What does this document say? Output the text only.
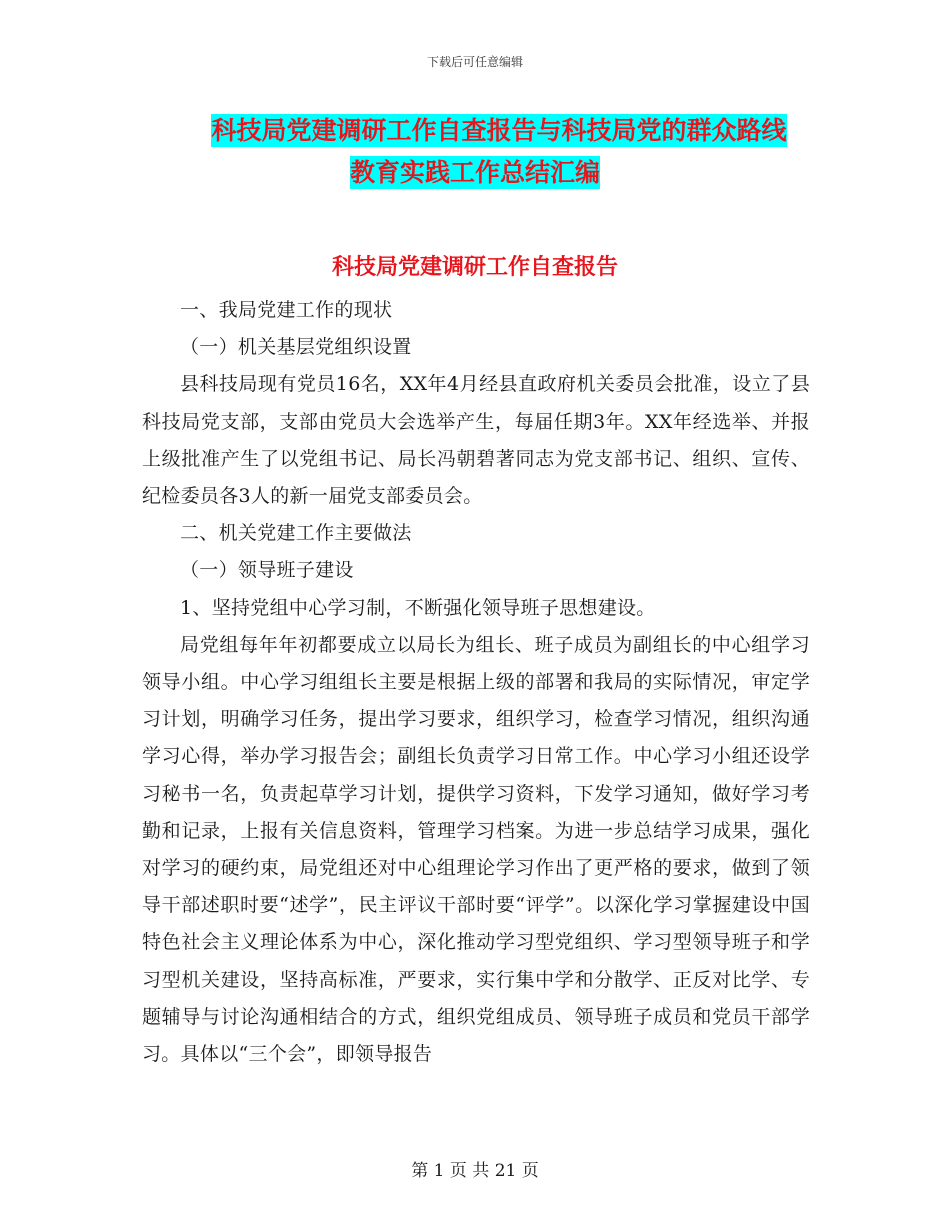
下载后可任意编辑
科技局党建调研工作自查报告与科技局党的群众路线
教育实践工作总结汇编
科技局党建调研工作自查报告

一、我局党建工作的现状

（一）机关基层党组织设置

县科技局现有党员16名，XX年4月经县直政府机关委员会批准，设立了县科技局党支部，支部由党员大会选举产生，每届任期3年。XX年经选举、并报上级批准产生了以党组书记、局长冯朝碧著同志为党支部书记、组织、宣传、纪检委员各3人的新一届党支部委员会。

二、机关党建工作主要做法

（一）领导班子建设

1、坚持党组中心学习制，不断强化领导班子思想建设。

局党组每年年初都要成立以局长为组长、班子成员为副组长的中心组学习领导小组。中心学习组组长主要是根据上级的部署和我局的实际情况，审定学习计划，明确学习任务，提出学习要求，组织学习，检查学习情况，组织沟通学习心得，举办学习报告会；副组长负责学习日常工作。中心学习小组还设学习秘书一名，负责起草学习计划，提供学习资料，下发学习通知，做好学习考勤和记录，上报有关信息资料，管理学习档案。为进一步总结学习成果，强化对学习的硬约束，局党组还对中心组理论学习作出了更严格的要求，做到了领导干部述职时要“述学”，民主评议干部时要“评学”。以深化学习掌握建设中国特色社会主义理论体系为中心，深化推动学习型党组织、学习型领导班子和学习型机关建设，坚持高标准，严要求，实行集中学和分散学、正反对比学、专题辅导与讨论沟通相结合的方式，组织党组成员、领导班子成员和党员干部学习。具体以“三个会”，即领导报告

第 1 页 共 21 页
